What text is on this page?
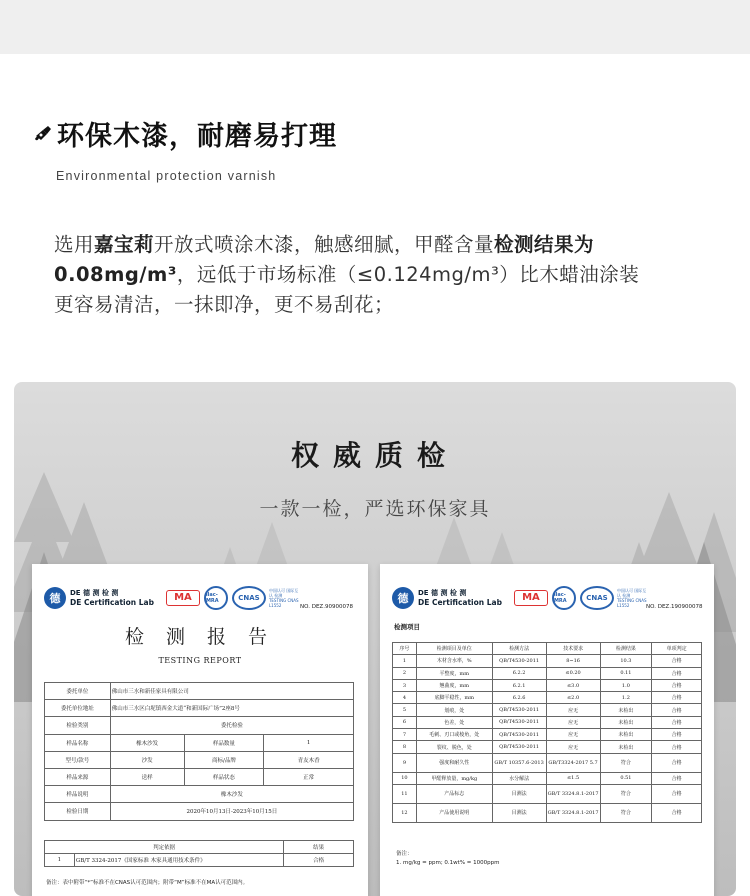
环保木漆，耐磨易打理
Environmental protection varnish
选用嘉宝莉开放式喷涂木漆，触感细腻，甲醛含量检测结果为0.08mg/m³，远低于市场标准（≤0.124mg/m³）比木蜡油涂装更容易清洁，一抹即净，更不易刮花；
权威质检
一款一检，严选环保家具
德	DE 德 测 检 测
DE Certification Lab	MA	ilac-MRA	CNAS
中国认可 国际互认 检测 TESTING CNAS L1552	NO. DEZ.90900078
检 测 报 告
TESTING REPORT
委托单位	佛山市三水和新佳家具有限公司		
委托单位地址	佛山市三水区白坭镇西金大道“和新国际广场”2座8号		
检验类别	委托检验		
样品名称	橡木沙发	样品数量	1
型号/款号	沙发	商标/品牌	青友木香
样品来源	送样	样品状态	正常
样品说明	橡木沙发		
检验日期	2020年10月13日-2023年10月15日		
判定依据		结果
1	GB/T 3324-2017《国家标准 木家具通用技术条件》	合格
备注：表中附带“*”标准不在CNAS认可范围内；附带“M”标准不在MA认可范围内。
德	DE 德 测 检 测
DE Certification Lab	MA	ilac-MRA	CNAS
中国认可 国际互认 检测 TESTING CNAS L1552	NO. DEZ.190900078
检测项目
序号	检测项目及单位	检测方法	技术要求	检测结果	单项判定
1	木材含水率，%	QB/T4530-2011	8~16	10.3	合格
2	平整度，mm	6.2.2	≤0.20	0.11	合格
3	翘曲度，mm	6.2.1	≤3.0	1.0	合格
4	底脚平稳性，mm	6.2.6	≤2.0	1.2	合格
5	划痕，处	QB/T4530-2011	应无	未检出	合格
6	色差，处	QB/T4530-2011	应无	未检出	合格
7	毛刺、刃口或棱角，处	QB/T4530-2011	应无	未检出	合格
8	裂纹、脱色，处	QB/T4530-2011	应无	未检出	合格
9	强度和耐久性	GB/T 10357.6-2013	GB/T3324-2017 5.7	符合	合格
10	甲醛释放量，mg/kg	水分解法	≤1.5	0.51	合格
11	产品标志	目测法	GB/T 3324.8.1-2017	符合	合格
12	产品使用说明	目测法	GB/T 3324.8.1-2017	符合	合格
备注：
1. mg/kg = ppm; 0.1wt% = 1000ppm
